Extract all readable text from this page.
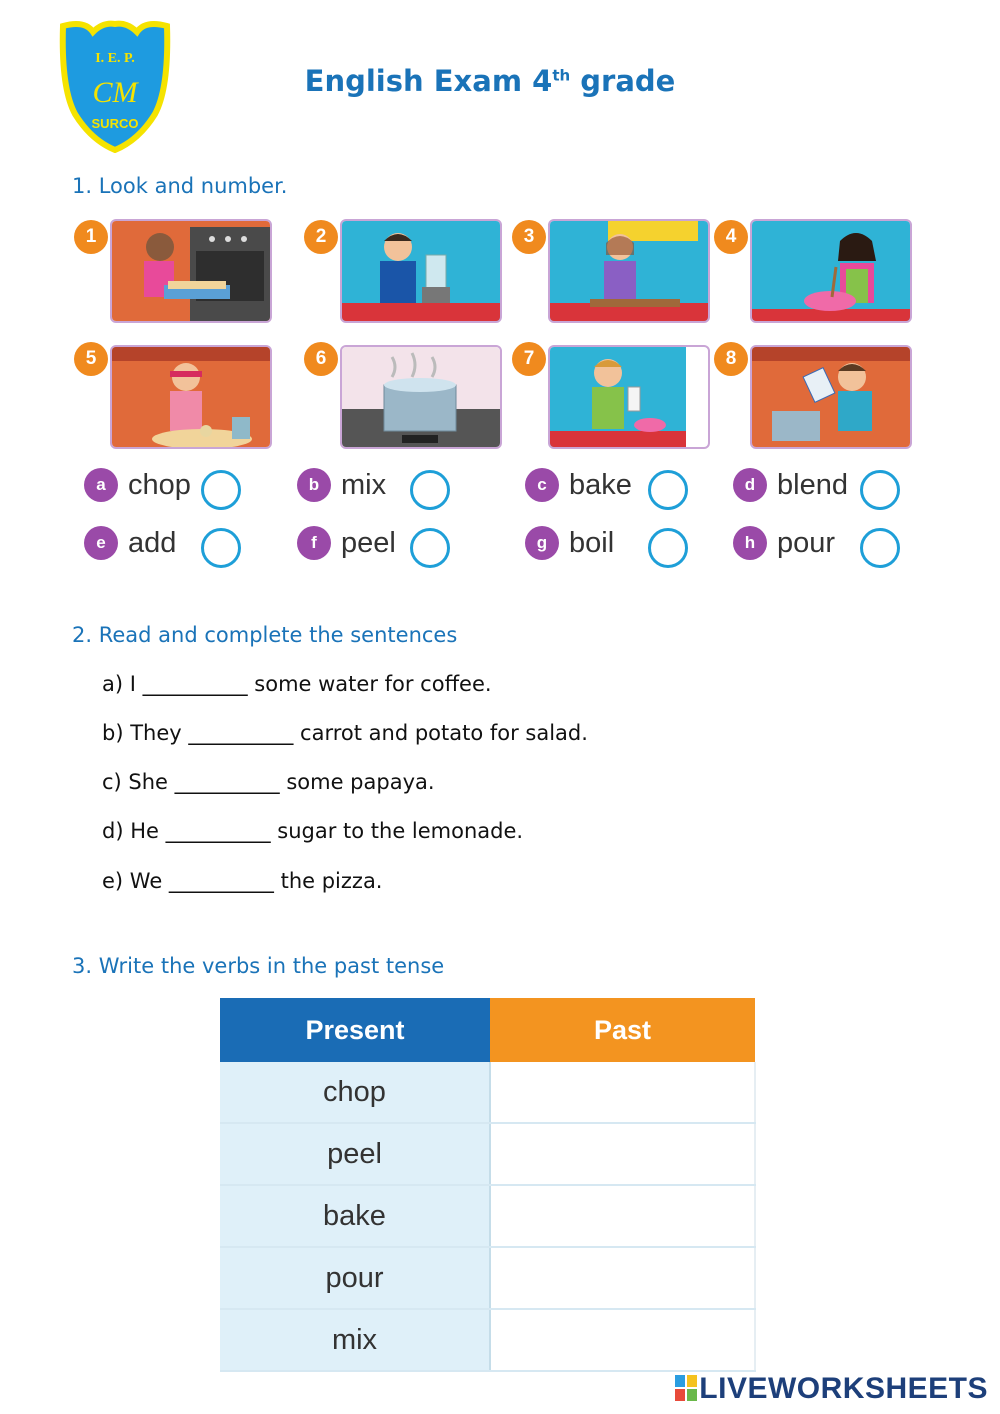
I. E. P.
CM
SURCO
English Exam 4th grade
1. Look and number.
1	2	3	4
5	6	7	8
a chop	b mix	c bake	d blend
e add	f peel	g boil	h pour
2. Read and complete the sentences
a) I __________ some water for coffee.
b) They __________ carrot and potato for salad.
c) She __________ some papaya.
d) He __________ sugar to the lemonade.
e) We __________ the pizza.
3. Write the verbs in the past tense
Present	Past
chop	
peel	
bake	
pour	
mix	
LIVEWORKSHEETS
